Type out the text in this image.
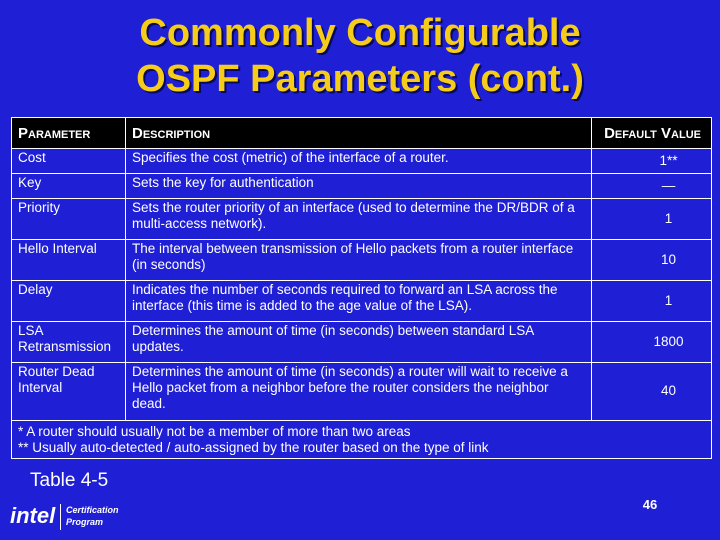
Commonly Configurable
OSPF Parameters (cont.)
Parameter	Description	Default Value
Cost	Specifies the cost (metric) of the interface of a router.	1**
Key	Sets the key for authentication	—
Priority	Sets the router priority of an interface (used to determine the DR/BDR of a multi-access network).	1
Hello Interval	The interval between transmission of Hello packets from a router interface (in seconds)	10
Delay	Indicates the number of seconds required to forward an LSA across the interface (this time is added to the age value of the LSA).	1
LSA Retransmission	Determines the amount of time (in seconds) between standard LSA updates.	1800
Router Dead Interval	Determines the amount of time (in seconds) a router will wait to receive a Hello packet from a neighbor before the router considers the neighbor dead.	40

* A router should usually not be a member of more than two areas
** Usually auto-detected / auto-assigned by the router based on the type of link		
Table 4-5
46
intel Certification
Program
